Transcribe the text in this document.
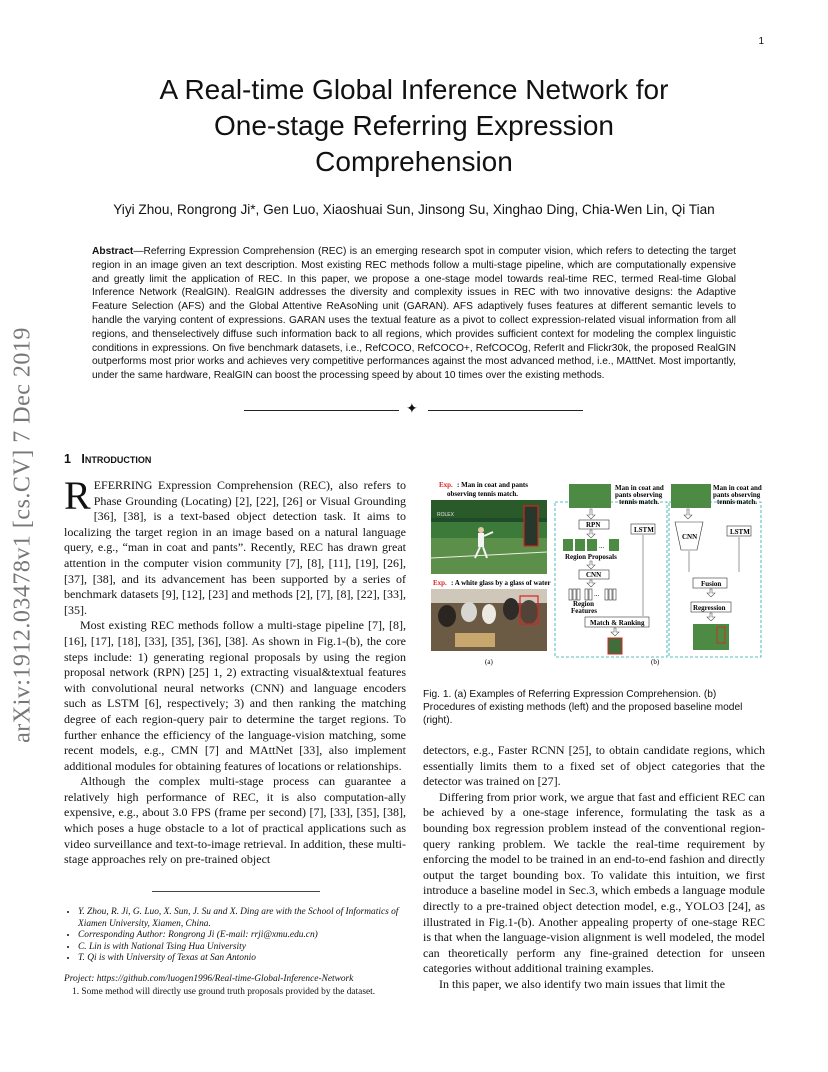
1
arXiv:1912.03478v1 [cs.CV] 7 Dec 2019
A Real-time Global Inference Network for
One-stage Referring Expression
Comprehension
Yiyi Zhou, Rongrong Ji*, Gen Luo, Xiaoshuai Sun, Jinsong Su, Xinghao Ding, Chia-Wen Lin, Qi Tian
Abstract—Referring Expression Comprehension (REC) is an emerging research spot in computer vision, which refers to detecting the target region in an image given an text description. Most existing REC methods follow a multi-stage pipeline, which are computationally expensive and greatly limit the application of REC. In this paper, we propose a one-stage model towards real-time REC, termed Real-time Global Inference Network (RealGIN). RealGIN addresses the diversity and complexity issues in REC with two innovative designs: the Adaptive Feature Selection (AFS) and the Global Attentive ReAsoNing unit (GARAN). AFS adaptively fuses features at different semantic levels to handle the varying content of expressions. GARAN uses the textual feature as a pivot to collect expression-related visual information from all regions, and thenselectively diffuse such information back to all regions, which provides sufficient context for modeling the complex linguistic conditions in expressions. On five benchmark datasets, i.e., RefCOCO, RefCOCO+, RefCOCOg, ReferIt and Flickr30k, the proposed RealGIN outperforms most prior works and achieves very competitive performances against the most advanced method, i.e., MAttNet. Most importantly, under the same hardware, RealGIN can boost the processing speed by about 10 times over the existing methods.
✦
1 Introduction

REFERRING Expression Comprehension (REC), also refers to Phase Grounding (Locating) [2], [22], [26] or Visual Grounding [36], [38], is a text-based object detection task. It aims to localizing the target region in an image based on a natural language query, e.g., “man in coat and pants”. Recently, REC has drawn great attention in the computer vision community [7], [8], [11], [19], [26], [37], [38], and its advancement has been supported by a series of benchmark datasets [9], [12], [23] and methods [2], [7], [8], [22], [33], [35].

Most existing REC methods follow a multi-stage pipeline [7], [8], [16], [17], [18], [33], [35], [36], [38]. As shown in Fig.1-(b), the core steps include: 1) generating regional proposals by using the region proposal network (RPN) [25] 1, 2) extracting visual&textual features with convolutional neural networks (CNN) and language encoders such as LSTM [6], respectively; 3) and then ranking the matching degree of each region-query pair to determine the target regions. To further enhance the efficiency of the language-vision matching, some recent models, e.g., CMN [7] and MAttNet [33], also implement additional modules for obtaining features of locations or relationships.

Although the complex multi-stage process can guarantee a relatively high performance of REC, it is also computation-ally expensive, e.g., about 3.0 FPS (frame per second) [7], [33], [35], [38], which poses a huge obstacle to a lot of practical applications such as video surveillance and text-to-image retrieval. In addition, these multi-stage approaches rely on pre-trained object

• Y. Zhou, R. Ji, G. Luo, X. Sun, J. Su and X. Ding are with the School of Informatics of Xiamen University, Xiamen, China.
• Corresponding Author: Rongrong Ji (E-mail: rrji@xmu.edu.cn)
• C. Lin is with National Tsing Hua University
• T. Qi is with University of Texas at San Antonio
Project: https://github.com/luogen1996/Real-time-Global-Inference-Network
1. Some method will directly use ground truth proposals provided by the dataset.
Exp. : Man in coat and pants
observing tennis match.
ROLEX
Exp. : A white glass by a glass of water
(a)
Man in coat and
pants observing
tennis match.
RPN
LSTM
...
Region Proposals
CNN
...
Region
Features
Match & Ranking
Man in coat and
pants observing
tennis match.
CNN
LSTM
Fusion
Regression
(b)
Fig. 1. (a) Examples of Referring Expression Comprehension. (b) Procedures of existing methods (left) and the proposed baseline model (right).

detectors, e.g., Faster RCNN [25], to obtain candidate regions, which essentially limits them to a fixed set of object categories that the detector was trained on [27].

Differing from prior work, we argue that fast and efficient REC can be achieved by a one-stage inference, formulating the task as a bounding box regression problem instead of the conventional region-query ranking problem. We tackle the real-time requirement by enforcing the model to be trained in an end-to-end fashion and directly output the target bounding box. To validate this intuition, we first introduce a baseline model in Sec.3, which embeds a language module directly to a pre-trained object detection model, e.g., YOLO3 [24], as illustrated in Fig.1-(b). Another appealing property of one-stage REC is that when the language-vision alignment is well modeled, the model can theoretically perform any fine-grained detection for unseen categories without additional training examples.

In this paper, we also identify two main issues that limit the
